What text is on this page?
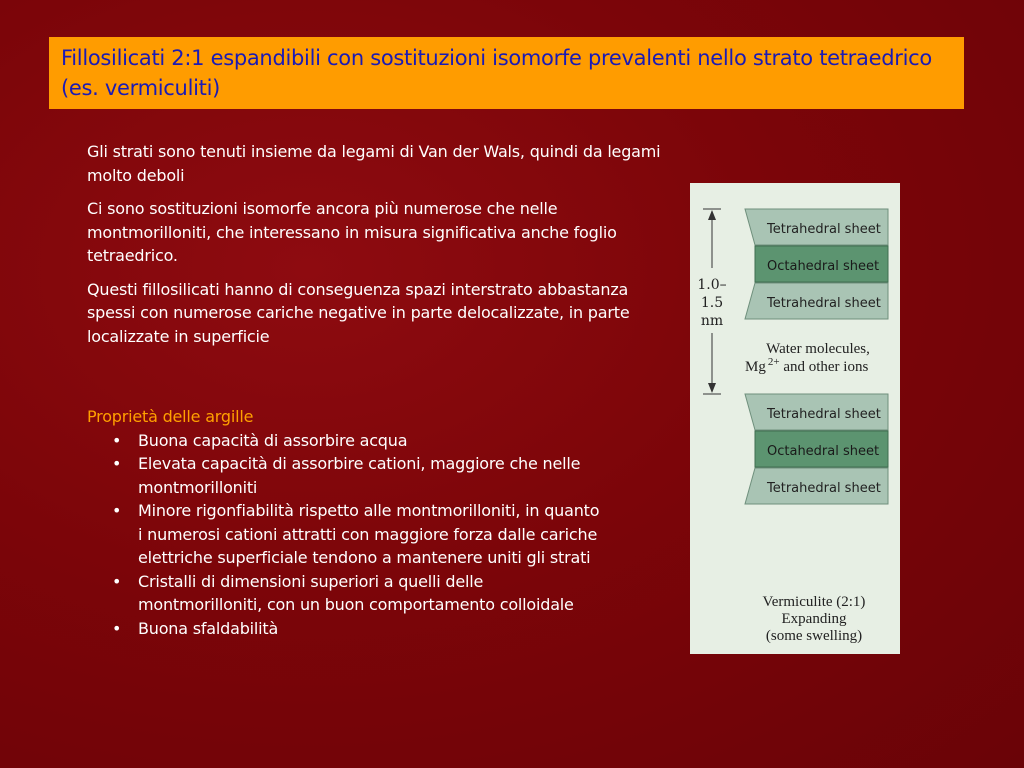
Fillosilicati 2:1 espandibili con sostituzioni isomorfe prevalenti nello strato tetraedrico (es. vermiculiti)

Gli strati sono tenuti insieme da legami di Van der Wals, quindi da legami molto deboli

Ci sono sostituzioni isomorfe ancora più numerose che nelle montmorilloniti, che interessano in misura significativa anche foglio tetraedrico.

Questi fillosilicati hanno di conseguenza spazi interstrato abbastanza spessi con numerose cariche negative in parte delocalizzate, in parte localizzate in superficie

Proprietà delle argille
• Buona capacità di assorbire acqua
• Elevata capacità di assorbire cationi, maggiore che nelle montmorilloniti
• Minore rigonfiabilità rispetto alle montmorilloniti, in quanto i numerosi cationi attratti con maggiore forza dalle cariche elettriche superficiale tendono a mantenere uniti gli strati
• Cristalli di dimensioni superiori a quelli delle montmorilloniti, con un buon comportamento colloidale
• Buona sfaldabilità
Tetrahedral sheet
Octahedral sheet
Tetrahedral sheet
Tetrahedral sheet
Octahedral sheet
Tetrahedral sheet
1.0–
1.5
nm
Water molecules,
Mg $^{2+}$ and other ions
Vermiculite (2:1)
Expanding
(some swelling)
